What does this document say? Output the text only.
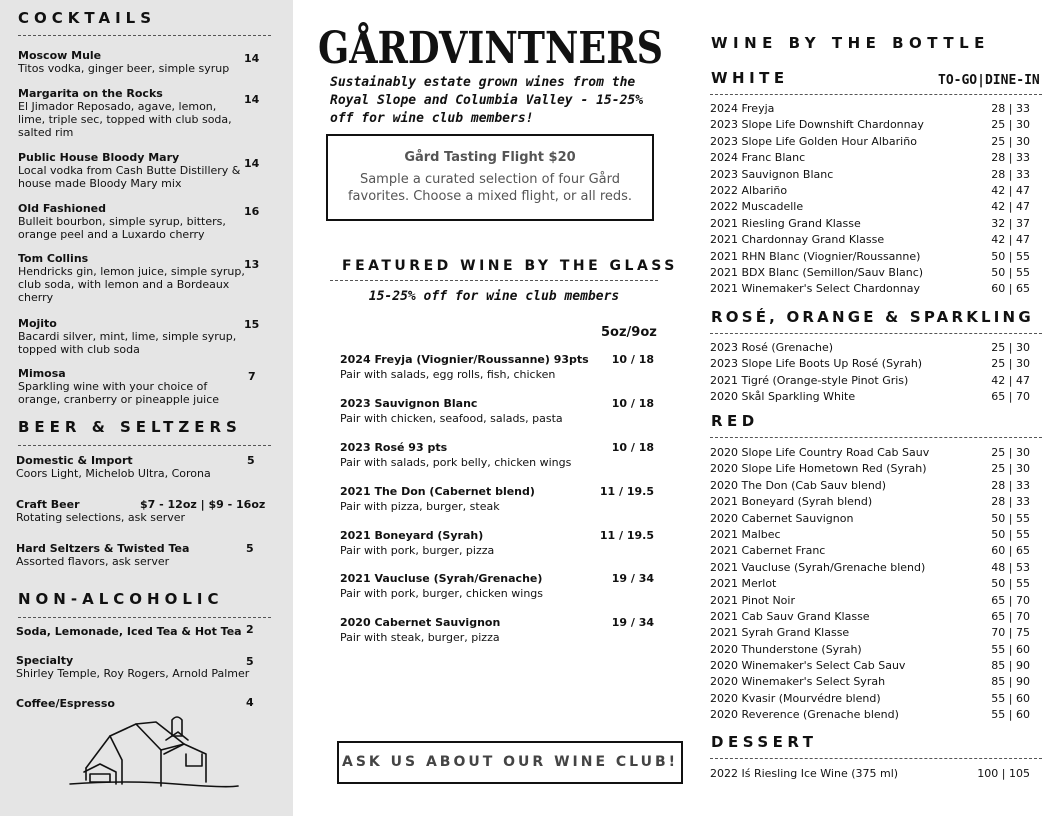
COCKTAILS
Moscow Mule
Titos vodka, ginger beer, simple syrup
14
Margarita on the Rocks
El Jimador Reposado, agave, lemon, lime, triple sec, topped with club soda, salted rim
14
Public House Bloody Mary
Local vodka from Cash Butte Distillery & house made Bloody Mary mix
14
Old Fashioned
Bulleit bourbon, simple syrup, bitters, orange peel and a Luxardo cherry
16
Tom Collins
Hendricks gin, lemon juice, simple syrup, club soda, with lemon and a Bordeaux cherry
13
Mojito
Bacardi silver, mint, lime, simple syrup, topped with club soda
15
Mimosa
Sparkling wine with your choice of orange, cranberry or pineapple juice
7
BEER & SELTZERS
Domestic & Import
Coors Light, Michelob Ultra, Corona
5
Craft Beer
Rotating selections, ask server
$7 - 12oz | $9 - 16oz
Hard Seltzers & Twisted Tea
Assorted flavors, ask server
5
NON-ALCOHOLIC
Soda, Lemonade, Iced Tea & Hot Tea 2
Specialty
Shirley Temple, Roy Rogers, Arnold Palmer
5
Coffee/Espresso	4
GÅRDVINTNERS
Sustainably estate grown wines from the Royal Slope and Columbia Valley - 15-25% off for wine club members!
Gård Tasting Flight $20
Sample a curated selection of four Gård favorites. Choose a mixed flight, or all reds.
FEATURED WINE BY THE GLASS
15-25% off for wine club members
5oz/9oz
2024 Freyja (Viognier/Roussanne) 93pts
Pair with salads, egg rolls, fish, chicken
10 / 18
2023 Sauvignon Blanc
Pair with chicken, seafood, salads, pasta
10 / 18
2023 Rosé 93 pts
Pair with salads, pork belly, chicken wings
10 / 18
2021 The Don (Cabernet blend)
Pair with pizza, burger, steak
11 / 19.5
2021 Boneyard (Syrah)
Pair with pork, burger, pizza
11 / 19.5
2021 Vaucluse (Syrah/Grenache)
Pair with pork, burger, chicken wings
19 / 34
2020 Cabernet Sauvignon
Pair with steak, burger, pizza
19 / 34
ASK US ABOUT OUR WINE CLUB!
WINE BY THE BOTTLE
WHITE	TO-GO|DINE-IN
2024 Freyja	28 | 33
2023 Slope Life Downshift Chardonnay	25 | 30
2023 Slope Life Golden Hour Albariño	25 | 30
2024 Franc Blanc	28 | 33
2023 Sauvignon Blanc	28 | 33
2022 Albariño	42 | 47
2022 Muscadelle	42 | 47
2021 Riesling Grand Klasse	32 | 37
2021 Chardonnay Grand Klasse	42 | 47
2021 RHN Blanc (Viognier/Roussanne)	50 | 55
2021 BDX Blanc (Semillon/Sauv Blanc)	50 | 55
2021 Winemaker's Select Chardonnay	60 | 65
ROSÉ, ORANGE & SPARKLING
2023 Rosé (Grenache)	25 | 30
2023 Slope Life Boots Up Rosé (Syrah)	25 | 30
2021 Tigré (Orange-style Pinot Gris)	42 | 47
2020 Skål Sparkling White	65 | 70
RED
2020 Slope Life Country Road Cab Sauv	25 | 30
2020 Slope Life Hometown Red (Syrah)	25 | 30
2020 The Don (Cab Sauv blend)	28 | 33
2021 Boneyard (Syrah blend)	28 | 33
2020 Cabernet Sauvignon	50 | 55
2021 Malbec	50 | 55
2021 Cabernet Franc	60 | 65
2021 Vaucluse (Syrah/Grenache blend)	48 | 53
2021 Merlot	50 | 55
2021 Pinot Noir	65 | 70
2021 Cab Sauv Grand Klasse	65 | 70
2021 Syrah Grand Klasse	70 | 75
2020 Thunderstone (Syrah)	55 | 60
2020 Winemaker's Select Cab Sauv	85 | 90
2020 Winemaker's Select Syrah	85 | 90
2020 Kvasir (Mourvédre blend)	55 | 60
2020 Reverence (Grenache blend)	55 | 60
DESSERT
2022 Iś Riesling Ice Wine (375 ml)	100 | 105
